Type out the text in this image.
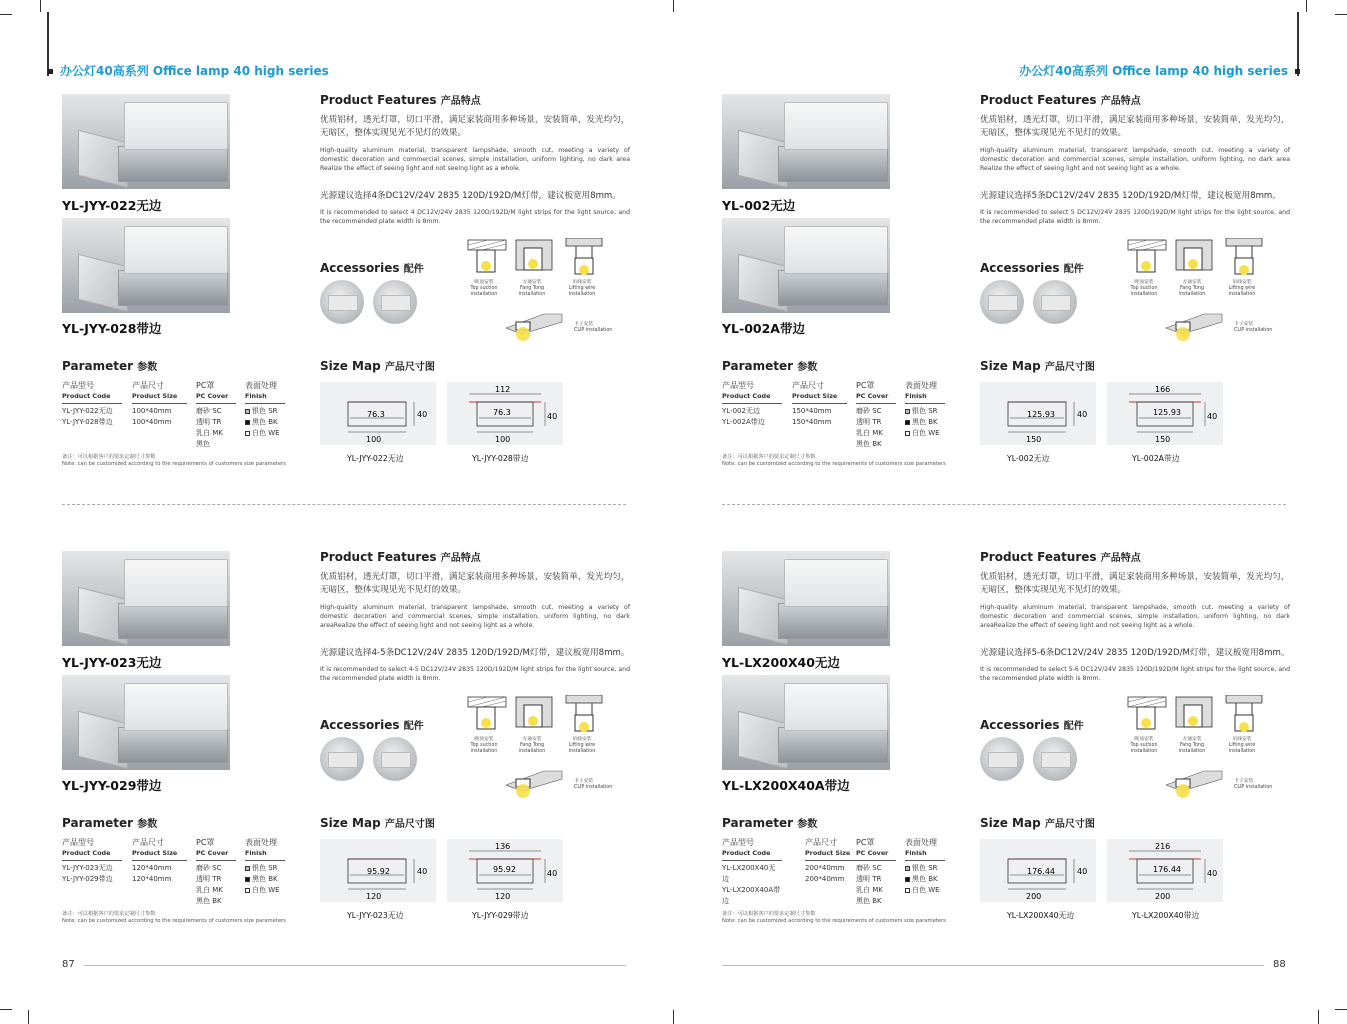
办公灯40高系列 Office lamp 40 high series	办公灯40高系列 Office lamp 40 high series
YL-JYY-022无边
YL-JYY-028带边
Product Features 产品特点
优质铝材，透光灯罩，切口平滑，满足家装商用多种场景，安装简单，发光均匀，无暗区，整体实现见光不见灯的效果。
High-quality aluminum material, transparent lampshade, smooth cut, meeting a variety of domestic decoration and commercial scenes, simple installation, uniform lighting, no dark area Realize the effect of seeing light and not seeing light as a whole.
光源建议选择4条DC12V/24V 2835 120D/192D/M灯带，建议板宽用8mm。
It is recommended to select 4 DC12V/24V 2835 120D/192D/M light strips for the light source, and the recommended plate width is 8mm.
Accessories 配件
吸顶安装
Top suction installation
方通安装
Fang Tong installation
吊线安装
Lifting wire installation
卡子安装
CLIP installation
Parameter 参数
产品型号
Product Code
YL-JYY-022无边
YL-JYY-028带边
产品尺寸
Product Size
100*40mm
100*40mm
PC罩
PC Cover
磨砂 SC
透明 TR
乳白 MK
黑色
表面处理
Finish
银色 SR
黑色 BK
白色 WE
备注：可以根据客户的要求定制尺寸参数
Note: can be customized according to the requirements of customers size parameters
Size Map 产品尺寸图
76.3
100
40
YL-JYY-022无边
112
76.3
100
40
YL-JYY-028带边
YL-002无边
YL-002A带边
Product Features 产品特点
优质铝材，透光灯罩，切口平滑，满足家装商用多种场景，安装简单，发光均匀，无暗区，整体实现见光不见灯的效果。
High-quality aluminum material, transparent lampshade, smooth cut, meeting a variety of domestic decoration and commercial scenes, simple installation, uniform lighting, no dark area Realize the effect of seeing light and not seeing light as a whole.
光源建议选择5条DC12V/24V 2835 120D/192D/M灯带，建议板宽用8mm。
It is recommended to select 5 DC12V/24V 2835 120D/192D/M light strips for the light source, and the recommended plate width is 8mm.
Accessories 配件
吸顶安装
Top suction installation
方通安装
Fang Tong installation
吊线安装
Lifting wire installation
卡子安装
CLIP installation
Parameter 参数
产品型号
Product Code
YL-002无边
YL-002A带边
产品尺寸
Product Size
150*40mm
150*40mm
PC罩
PC Cover
磨砂 SC
透明 TR
乳白 MK
黑色 BK
表面处理
Finish
银色 SR
黑色 BK
白色 WE
备注：可以根据客户的要求定制尺寸参数
Note: can be customized according to the requirements of customers size parameters
Size Map 产品尺寸图
125.93
150
40
YL-002无边
166
125.93
150
40
YL-002A带边
YL-JYY-023无边
YL-JYY-029带边
Product Features 产品特点
优质铝材，透光灯罩，切口平滑，满足家装商用多种场景，安装简单，发光均匀，无暗区，整体实现见光不见灯的效果。
High-quality aluminum material, transparent lampshade, smooth cut, meeting a variety of domestic decoration and commercial scenes, simple installation, uniform lighting, no dark areaRealize the effect of seeing light and not seeing light as a whole.
光源建议选择4-5条DC12V/24V 2835 120D/192D/M灯带，建议板宽用8mm。
It is recommended to select 4-5 DC12V/24V 2835 120D/192D/M light strips for the light source, and the recommended plate width is 8mm.
Accessories 配件
吸顶安装
Top suction installation
方通安装
Fang Tong installation
吊线安装
Lifting wire installation
卡子安装
CLIP installation
Parameter 参数
产品型号
Product Code
YL-JYY-023无边
YL-JYY-029带边
产品尺寸
Product Size
120*40mm
120*40mm
PC罩
PC Cover
磨砂 SC
透明 TR
乳白 MK
黑色 BK
表面处理
Finish
银色 SR
黑色 BK
白色 WE
备注：可以根据客户的要求定制尺寸参数
Note: can be customized according to the requirements of customers size parameters
Size Map 产品尺寸图
95.92
120
40
YL-JYY-023无边
136
95.92
120
40
YL-JYY-029带边
YL-LX200X40无边
YL-LX200X40A带边
Product Features 产品特点
优质铝材，透光灯罩，切口平滑，满足家装商用多种场景，安装简单，发光均匀，无暗区，整体实现见光不见灯的效果。
High-quality aluminum material, transparent lampshade, smooth cut, meeting a variety of domestic decoration and commercial scenes, simple installation, uniform lighting, no dark areaRealize the effect of seeing light and not seeing light as a whole.
光源建议选择5-6条DC12V/24V 2835 120D/192D/M灯带，建议板宽用8mm。
It is recommended to select 5-6 DC12V/24V 2835 120D/192D/M light strips for the light source, and the recommended plate width is 8mm.
Accessories 配件
吸顶安装
Top suction installation
方通安装
Fang Tong installation
吊线安装
Lifting wire installation
卡子安装
CLIP installation
Parameter 参数
产品型号
Product Code
YL-LX200X40无边
YL-LX200X40A带边
产品尺寸
Product Size
200*40mm
200*40mm
PC罩
PC Cover
磨砂 SC
透明 TR
乳白 MK
黑色 BK
表面处理
Finish
银色 SR
黑色 BK
白色 WE
备注：可以根据客户的要求定制尺寸参数
Note: can be customized according to the requirements of customers size parameters
Size Map 产品尺寸图
176.44
200
40
YL-LX200X40无边
216
176.44
200
40
YL-LX200X40带边
87	88
